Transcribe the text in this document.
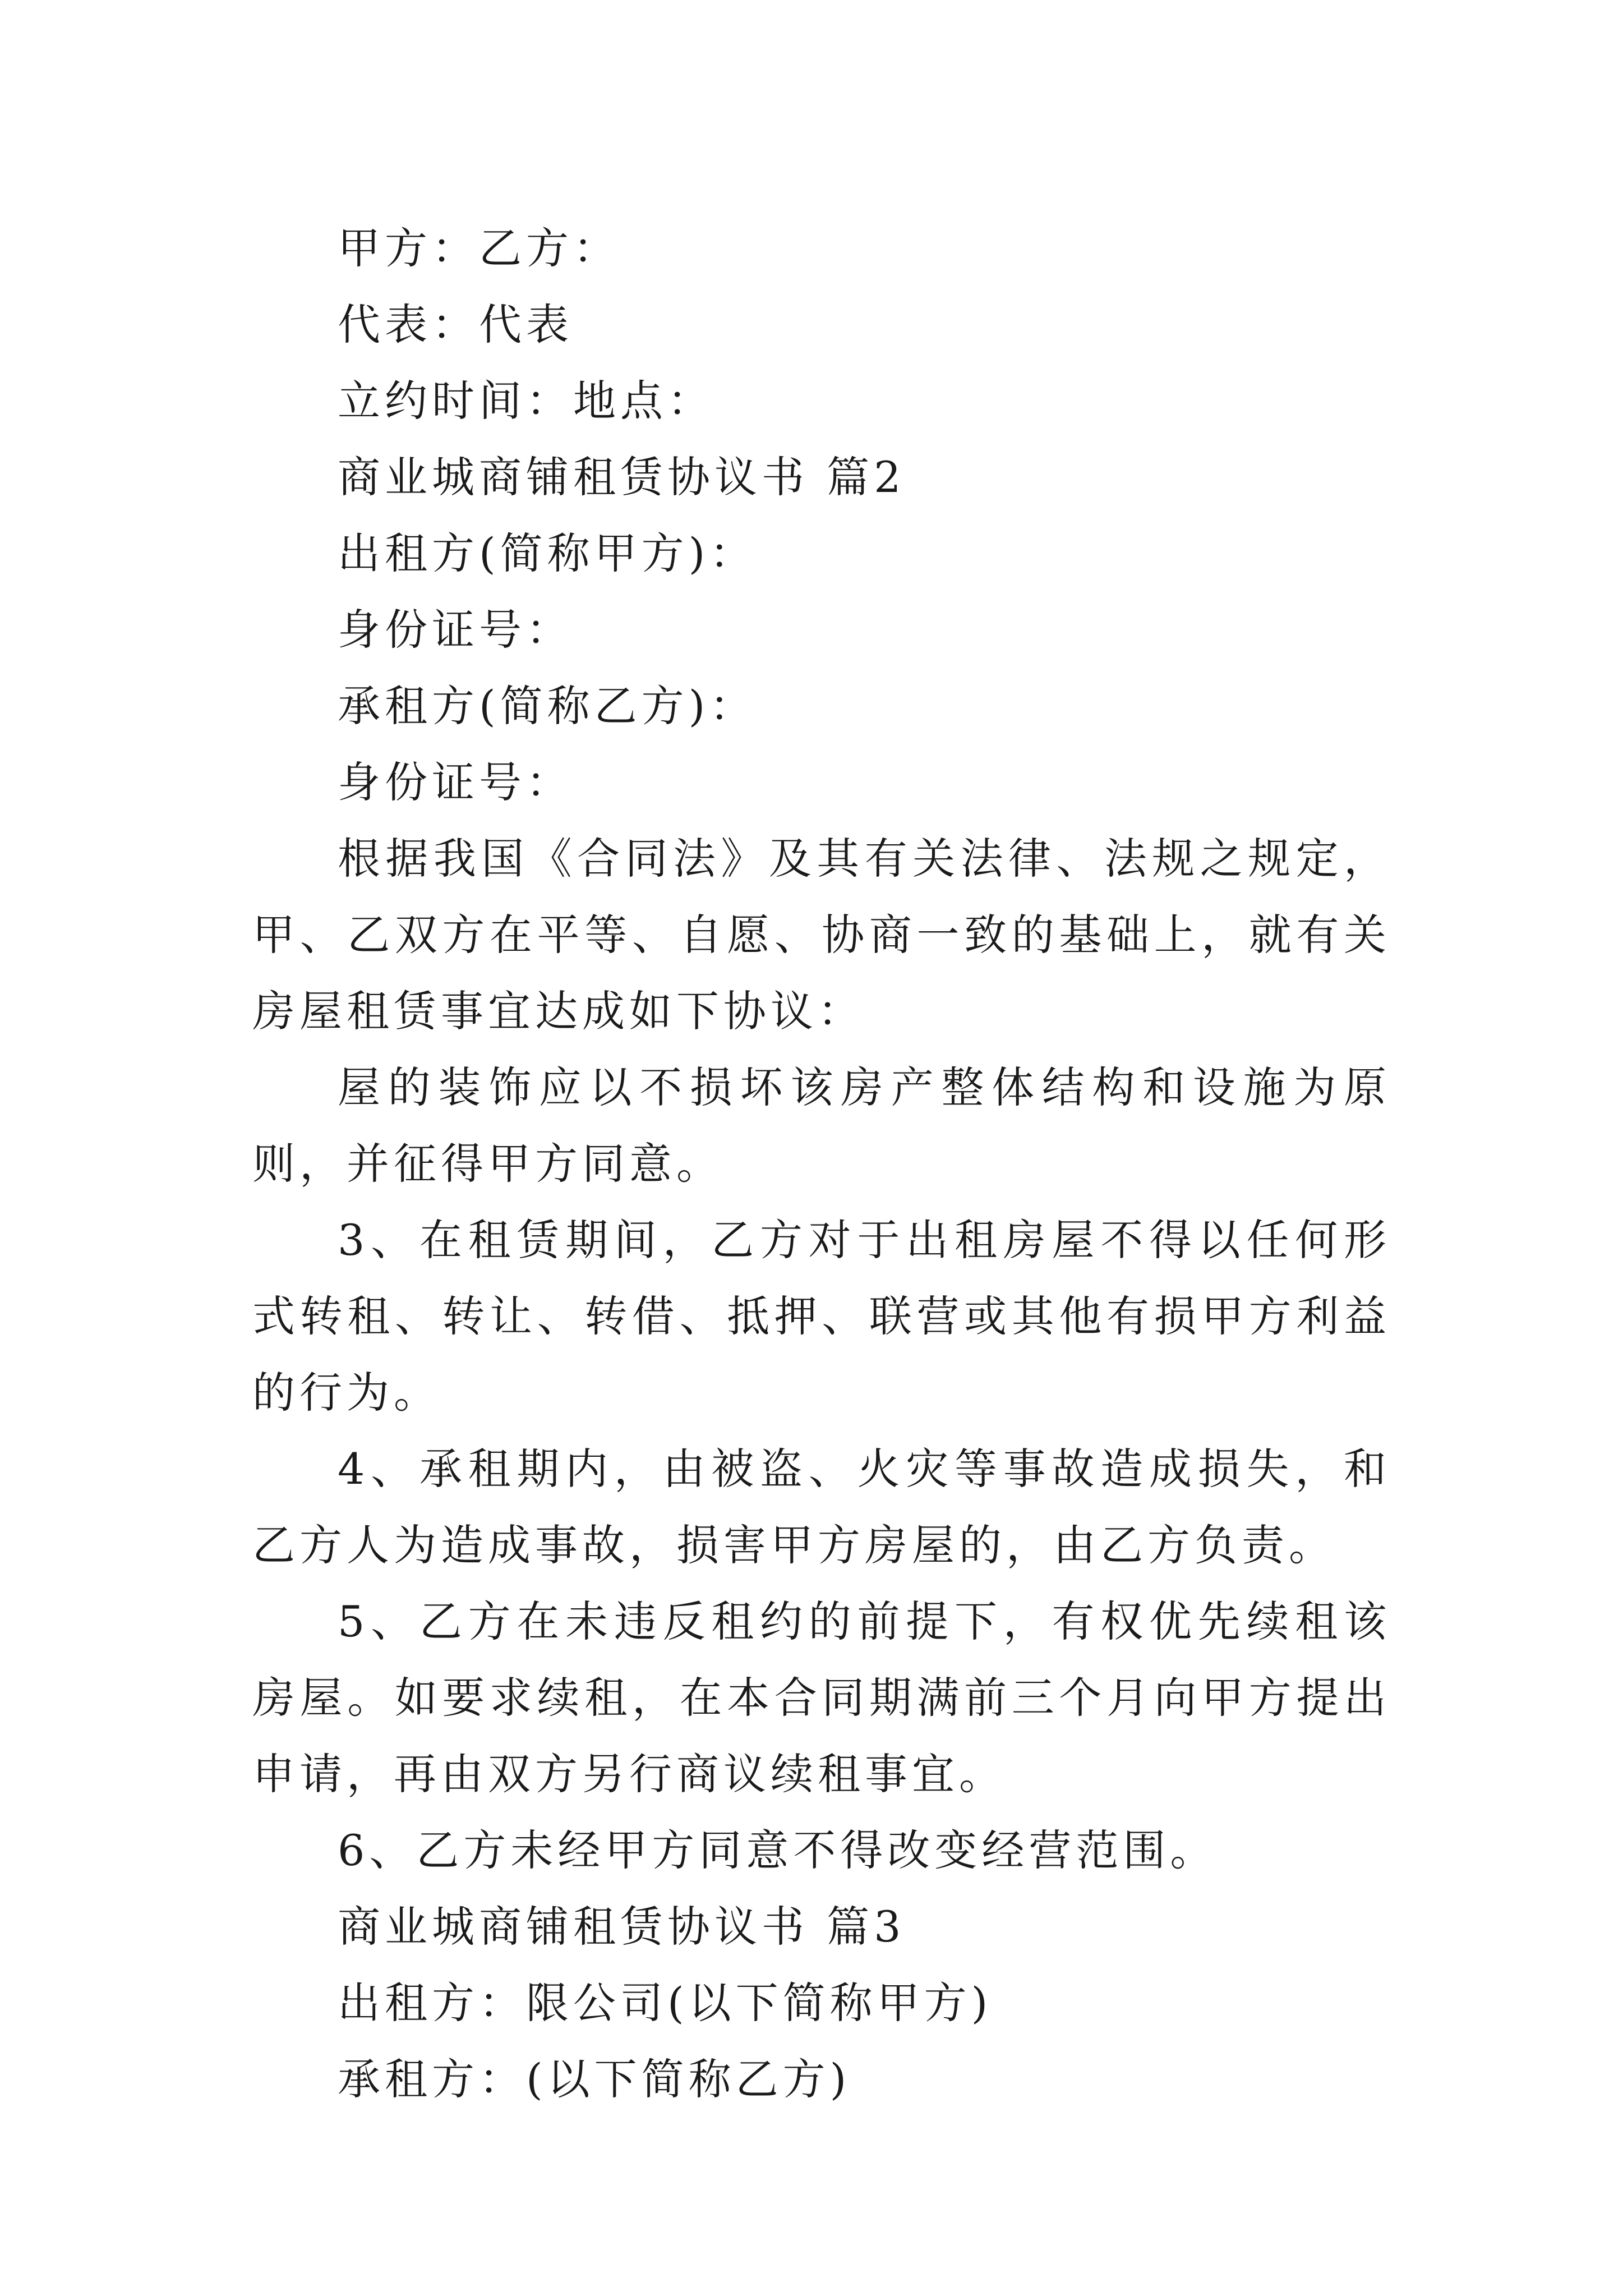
甲方：乙方：

代表：代表

立约时间：地点：

商业城商铺租赁协议书 篇2

出租方(简称甲方)：

身份证号：

承租方(简称乙方)：

身份证号：

根据我国《合同法》及其有关法律、法规之规定，甲、乙双方在平等、自愿、协商一致的基础上，就有关房屋租赁事宜达成如下协议：

屋的装饰应以不损坏该房产整体结构和设施为原则，并征得甲方同意。

3、在租赁期间，乙方对于出租房屋不得以任何形式转租、转让、转借、抵押、联营或其他有损甲方利益的行为。

4、承租期内，由被盗、火灾等事故造成损失，和乙方人为造成事故，损害甲方房屋的，由乙方负责。

5、乙方在未违反租约的前提下，有权优先续租该房屋。如要求续租，在本合同期满前三个月向甲方提出申请，再由双方另行商议续租事宜。

6、乙方未经甲方同意不得改变经营范围。

商业城商铺租赁协议书 篇3

出租方：限公司(以下简称甲方)

承租方：(以下简称乙方)
